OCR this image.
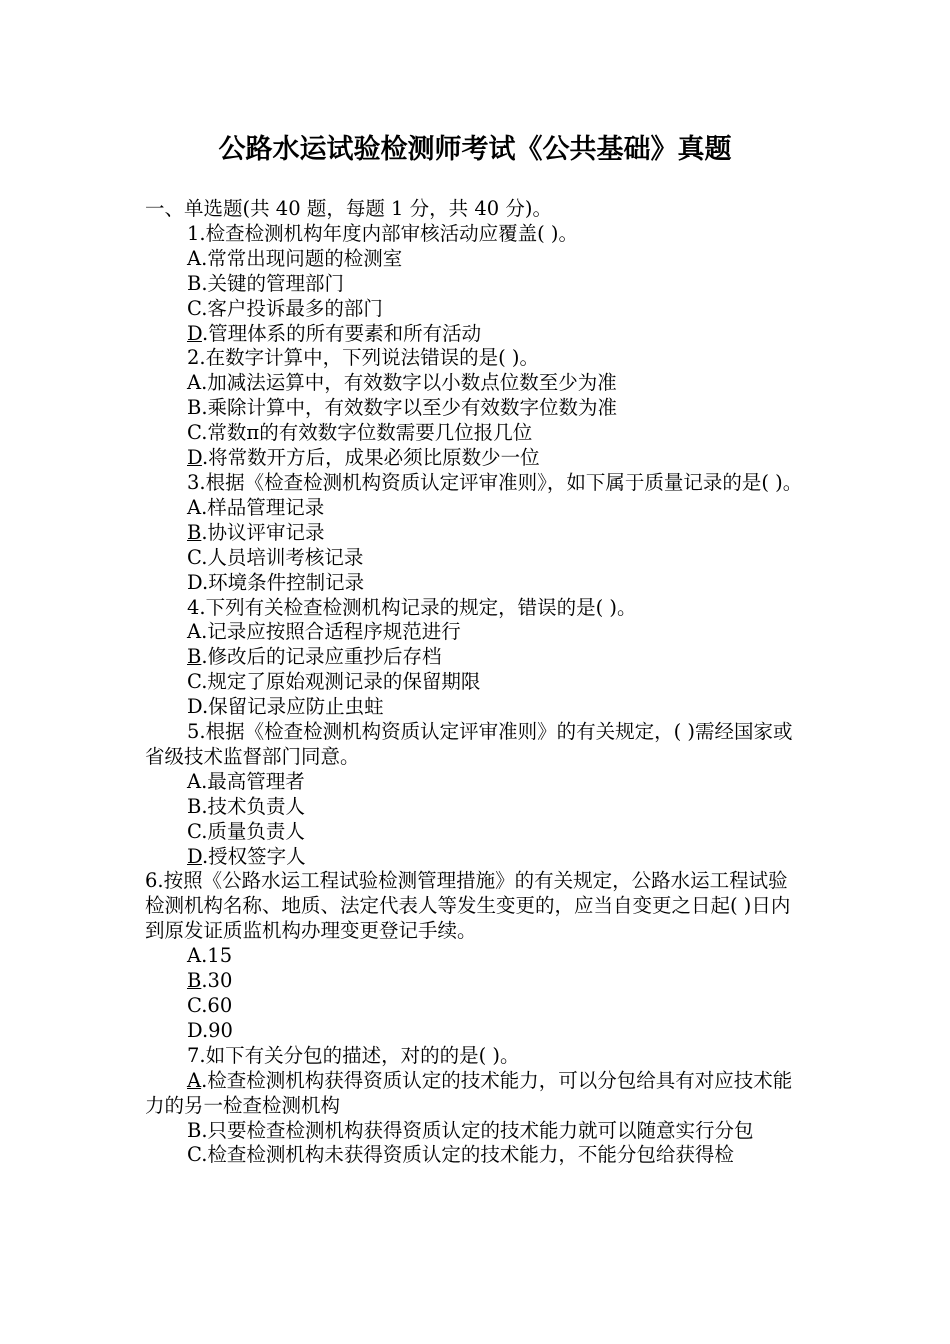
公路水运试验检测师考试《公共基础》真题

一、单选题(共 40 题，每题 1 分，共 40 分)。

1.检查检测机构年度内部审核活动应覆盖( )。

A.常常出现问题的检测室

B.关键的管理部门

C.客户投诉最多的部门

D.管理体系的所有要素和所有活动

2.在数字计算中，下列说法错误的是( )。

A.加减法运算中，有效数字以小数点位数至少为准

B.乘除计算中，有效数字以至少有效数字位数为准

C.常数π的有效数字位数需要几位报几位

D.将常数开方后，成果必须比原数少一位

3.根据《检查检测机构资质认定评审准则》，如下属于质量记录的是( )。

A.样品管理记录

B.协议评审记录

C.人员培训考核记录

D.环境条件控制记录

4.下列有关检查检测机构记录的规定，错误的是( )。

A.记录应按照合适程序规范进行

B.修改后的记录应重抄后存档

C.规定了原始观测记录的保留期限

D.保留记录应防止虫蛀

5.根据《检查检测机构资质认定评审准则》的有关规定，( )需经国家或省级技术监督部门同意。

A.最高管理者

B.技术负责人

C.质量负责人

D.授权签字人

6.按照《公路水运工程试验检测管理措施》的有关规定，公路水运工程试验检测机构名称、地质、法定代表人等发生变更的，应当自变更之日起( )日内到原发证质监机构办理变更登记手续。

A.15

B.30

C.60

D.90

7.如下有关分包的描述，对的的是( )。

A.检查检测机构获得资质认定的技术能力，可以分包给具有对应技术能力的另一检查检测机构

B.只要检查检测机构获得资质认定的技术能力就可以随意实行分包

C.检查检测机构未获得资质认定的技术能力，不能分包给获得检
